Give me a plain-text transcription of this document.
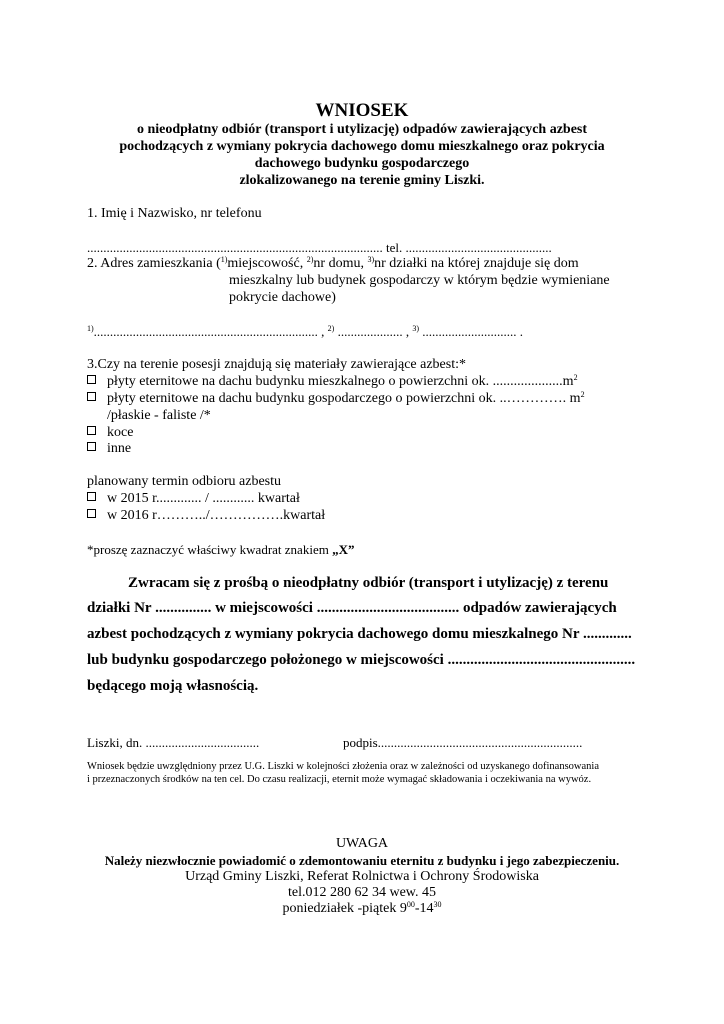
WNIOSEK
o nieodpłatny odbiór (transport i utylizację) odpadów zawierających azbest
pochodzących z wymiany pokrycia dachowego domu mieszkalnego oraz pokrycia
dachowego budynku gospodarczego
zlokalizowanego na terenie gminy Liszki.
1. Imię i Nazwisko, nr telefonu
........................................................................................... tel. .............................................
2. Adres zamieszkania ($^{1)}$miejscowość, $^{2)}$nr domu, $^{3)}$nr działki na której znajduje się dom
mieszkalny lub budynek gospodarczy w którym będzie wymieniane
pokrycie dachowe)
$^{1)}$..................................................................... , $^{2)}$ .................... , $^{3)}$ ............................. .
3.Czy na terenie posesji znajdują się materiały zawierające azbest:*
płyty eternitowe na dachu budynku mieszkalnego o powierzchni ok. $....................m^2$
płyty eternitowe na dachu budynku gospodarczego o powierzchni ok. ..…………. $m^2$
/płaskie - faliste /*
koce
inne
planowany termin odbioru azbestu
w 2015 r............. / ............ kwartał
w 2016 r………../…………….kwartał
*proszę zaznaczyć właściwy kwadrat znakiem „X”
Zwracam się z prośbą o nieodpłatny odbiór (transport i utylizację) z terenu
działki Nr ............... w miejscowości ...................................... odpadów zawierających
azbest pochodzących z wymiany pokrycia dachowego domu mieszkalnego Nr .............
lub budynku gospodarczego położonego w miejscowości ..................................................
będącego moją własnością.
Liszki, dn. ...................................	podpis...............................................................
Wniosek będzie uwzględniony przez U.G. Liszki w kolejności złożenia oraz w zależności od uzyskanego dofinansowania
i przeznaczonych środków na ten cel. Do czasu realizacji, eternit może wymagać składowania i oczekiwania na wywóz.
UWAGA
Należy niezwłocznie powiadomić o zdemontowaniu eternitu z budynku i jego zabezpieczeniu.
Urząd Gminy Liszki, Referat Rolnictwa i Ochrony Środowiska
tel.012 280 62 34 wew. 45
poniedziałek -piątek $9^{00}-14^{30}$
